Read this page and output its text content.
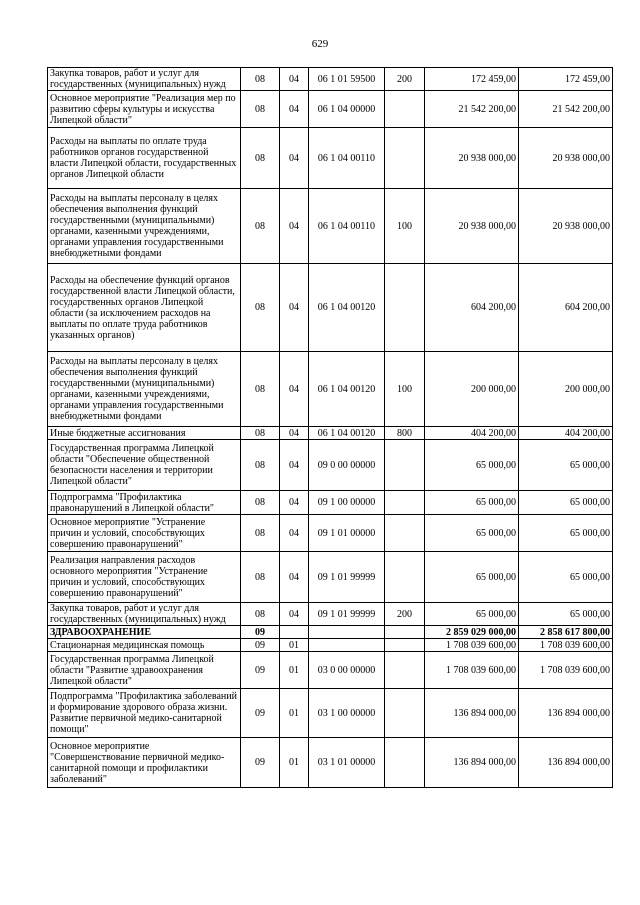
629
Закупка товаров, работ и услуг для государственных (муниципальных) нужд	08	04	06 1 01 59500	200	172 459,00	172 459,00
Основное мероприятие "Реализация мер по развитию сферы культуры и искусства Липецкой области"	08	04	06 1 04 00000		21 542 200,00	21 542 200,00
Расходы на выплаты по оплате труда работников органов государственной власти Липецкой области, государственных органов Липецкой области	08	04	06 1 04 00110		20 938 000,00	20 938 000,00
Расходы на выплаты персоналу в целях обеспечения выполнения функций государственными (муниципальными) органами, казенными учреждениями, органами управления государственными внебюджетными фондами	08	04	06 1 04 00110	100	20 938 000,00	20 938 000,00
Расходы на обеспечение функций органов государственной власти Липецкой области, государственных органов Липецкой области (за исключением расходов на выплаты по оплате труда работников указанных органов)	08	04	06 1 04 00120		604 200,00	604 200,00
Расходы на выплаты персоналу в целях обеспечения выполнения функций государственными (муниципальными) органами, казенными учреждениями, органами управления государственными внебюджетными фондами	08	04	06 1 04 00120	100	200 000,00	200 000,00
Иные бюджетные ассигнования	08	04	06 1 04 00120	800	404 200,00	404 200,00
Государственная программа Липецкой области "Обеспечение общественной безопасности населения и территории Липецкой области"	08	04	09 0 00 00000		65 000,00	65 000,00
Подпрограмма "Профилактика правонарушений в Липецкой области"	08	04	09 1 00 00000		65 000,00	65 000,00
Основное мероприятие "Устранение причин и условий, способствующих совершению правонарушений"	08	04	09 1 01 00000		65 000,00	65 000,00
Реализация направления расходов основного мероприятия "Устранение причин и условий, способствующих совершению правонарушений"	08	04	09 1 01 99999		65 000,00	65 000,00
Закупка товаров, работ и услуг для государственных (муниципальных) нужд	08	04	09 1 01 99999	200	65 000,00	65 000,00
ЗДРАВООХРАНЕНИЕ	09				2 859 029 000,00	2 858 617 800,00
Стационарная медицинская помощь	09	01			1 708 039 600,00	1 708 039 600,00
Государственная программа Липецкой области "Развитие здравоохранения Липецкой области"	09	01	03 0 00 00000		1 708 039 600,00	1 708 039 600,00
Подпрограмма "Профилактика заболеваний и формирование здорового образа жизни. Развитие первичной медико-санитарной помощи"	09	01	03 1 00 00000		136 894 000,00	136 894 000,00
Основное мероприятие "Совершенствование первичной медико-санитарной помощи и профилактики заболеваний"	09	01	03 1 01 00000		136 894 000,00	136 894 000,00
